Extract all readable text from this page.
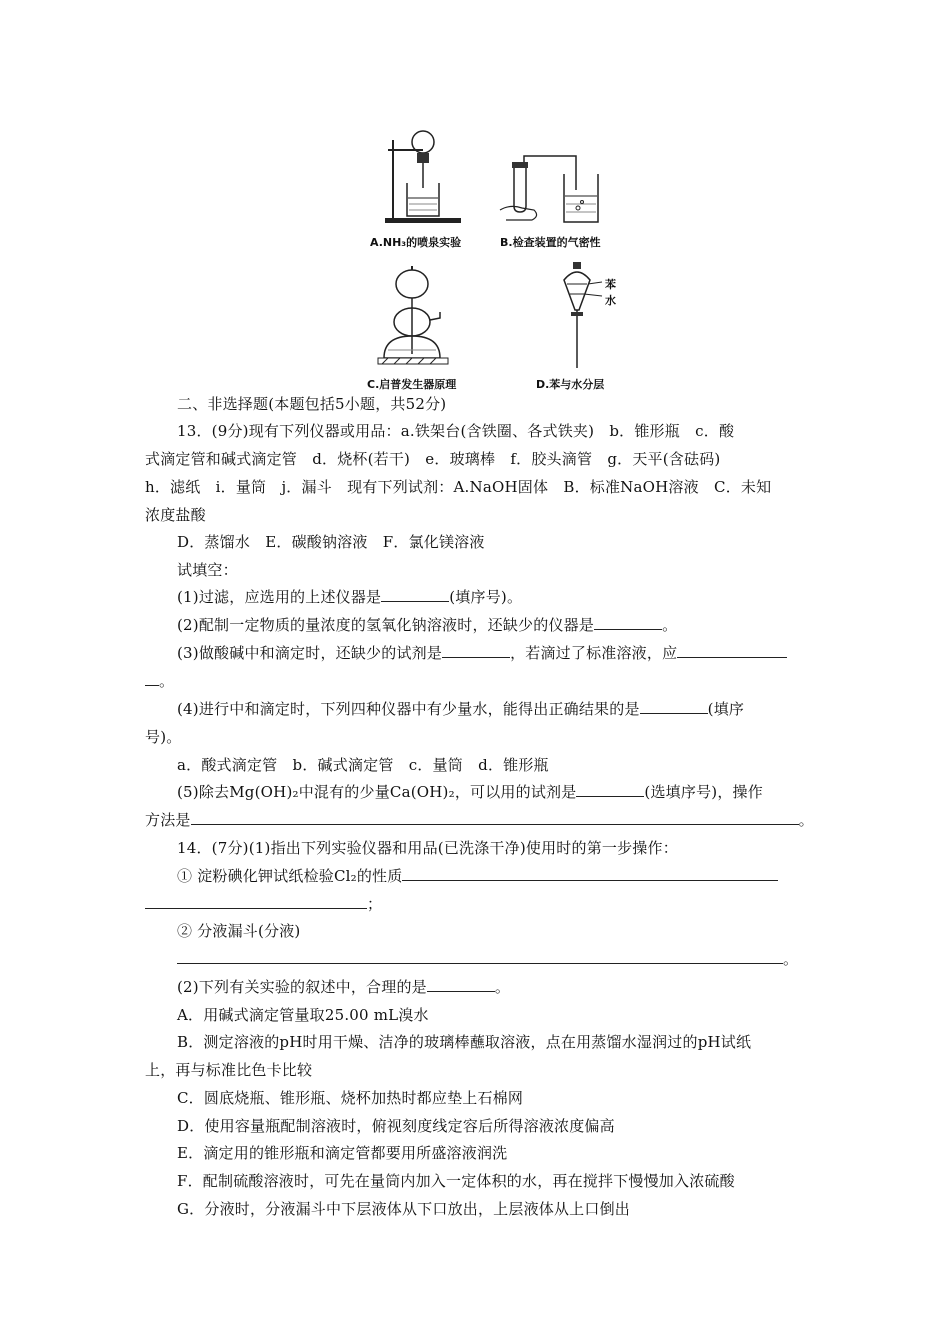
A.NH₃的喷泉实验	B.检查装置的气密性
C.启普发生器原理
苯
水
D.苯与水分层
二、非选择题(本题包括5小题，共52分)
13．(9分)现有下列仪器或用品：a.铁架台(含铁圈、各式铁夹)　b．锥形瓶　c．酸
式滴定管和碱式滴定管　d．烧杯(若干)　e．玻璃棒　f．胶头滴管　g．天平(含砝码)
h．滤纸　i．量筒　j．漏斗　现有下列试剂：A.NaOH固体　B．标准NaOH溶液　C．未知
浓度盐酸
D．蒸馏水　E．碳酸钠溶液　F．氯化镁溶液
试填空：
(1)过滤，应选用的上述仪器是	(填序号)。
(2)配制一定物质的量浓度的氢氧化钠溶液时，还缺少的仪器是	。
(3)做酸碱中和滴定时，还缺少的试剂是	，若滴过了标准溶液，应
。
(4)进行中和滴定时，下列四种仪器中有少量水，能得出正确结果的是	(填序
号)。
a．酸式滴定管　b．碱式滴定管　c．量筒　d．锥形瓶
(5)除去Mg(OH)₂中混有的少量Ca(OH)₂，可以用的试剂是	(选填序号)，操作
方法是	。
14．(7分)(1)指出下列实验仪器和用品(已洗涤干净)使用时的第一步操作：
① 淀粉碘化钾试纸检验Cl₂的性质
；
② 分液漏斗(分液)
。
(2)下列有关实验的叙述中，合理的是	。
A．用碱式滴定管量取25.00 mL溴水
B．测定溶液的pH时用干燥、洁净的玻璃棒蘸取溶液，点在用蒸馏水湿润过的pH试纸
上，再与标准比色卡比较
C．圆底烧瓶、锥形瓶、烧杯加热时都应垫上石棉网
D．使用容量瓶配制溶液时，俯视刻度线定容后所得溶液浓度偏高
E．滴定用的锥形瓶和滴定管都要用所盛溶液润洗
F．配制硫酸溶液时，可先在量筒内加入一定体积的水，再在搅拌下慢慢加入浓硫酸
G．分液时，分液漏斗中下层液体从下口放出，上层液体从上口倒出
